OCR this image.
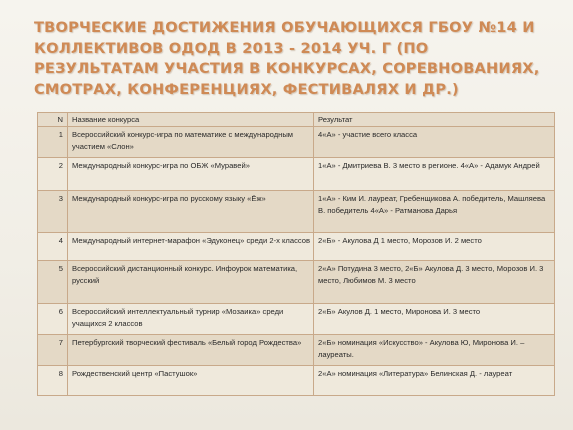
ТВОРЧЕСКИЕ ДОСТИЖЕНИЯ ОБУЧАЮЩИХСЯ ГБОУ №14 И КОЛЛЕКТИВОВ ОДОД В 2013 - 2014 УЧ. Г (ПО РЕЗУЛЬТАТАМ УЧАСТИЯ В КОНКУРСАХ, СОРЕВНОВАНИЯХ, СМОТРАХ, КОНФЕРЕНЦИЯХ, ФЕСТИВАЛЯХ И ДР.)
N	Название конкурса	Результат
1	Всероссийский конкурс-игра по математике с международным участием «Слон»	4«А» - участие всего класса
2	Международный конкурс-игра по ОБЖ «Муравей»	1«А» - Дмитриева В. 3 место в регионе. 4«А» - Адамук Андрей
3	Международный конкурс-игра по русскому языку «Ёж»	1«А» - Ким И. лауреат, Гребенщикова А. победитель, Машляева В. победитель 4«А» - Ратманова Дарья
4	Международный интернет-марафон «Эдуконец» среди 2-х классов	2«Б» - Акулова Д 1 место, Морозов И. 2 место
5	Всероссийский дистанционный конкурс. Инфоурок математика, русский	2«А» Потудина 3 место, 2«Б» Акулова Д. 3 место, Морозов И. 3 место, Любимов М. 3 место
6	Всероссийский интеллектуальный турнир «Мозаика» среди учащихся 2 классов	2«Б» Акулов Д. 1 место, Миронова И. 3 место
7	Петербургский творческий фестиваль «Белый город Рождества»	2«Б» номинация «Искусство» - Акулова Ю, Миронова И. – лауреаты.
8	Рождественский центр «Пастушок»	2«А» номинация «Литература» Белинская Д. - лауреат
